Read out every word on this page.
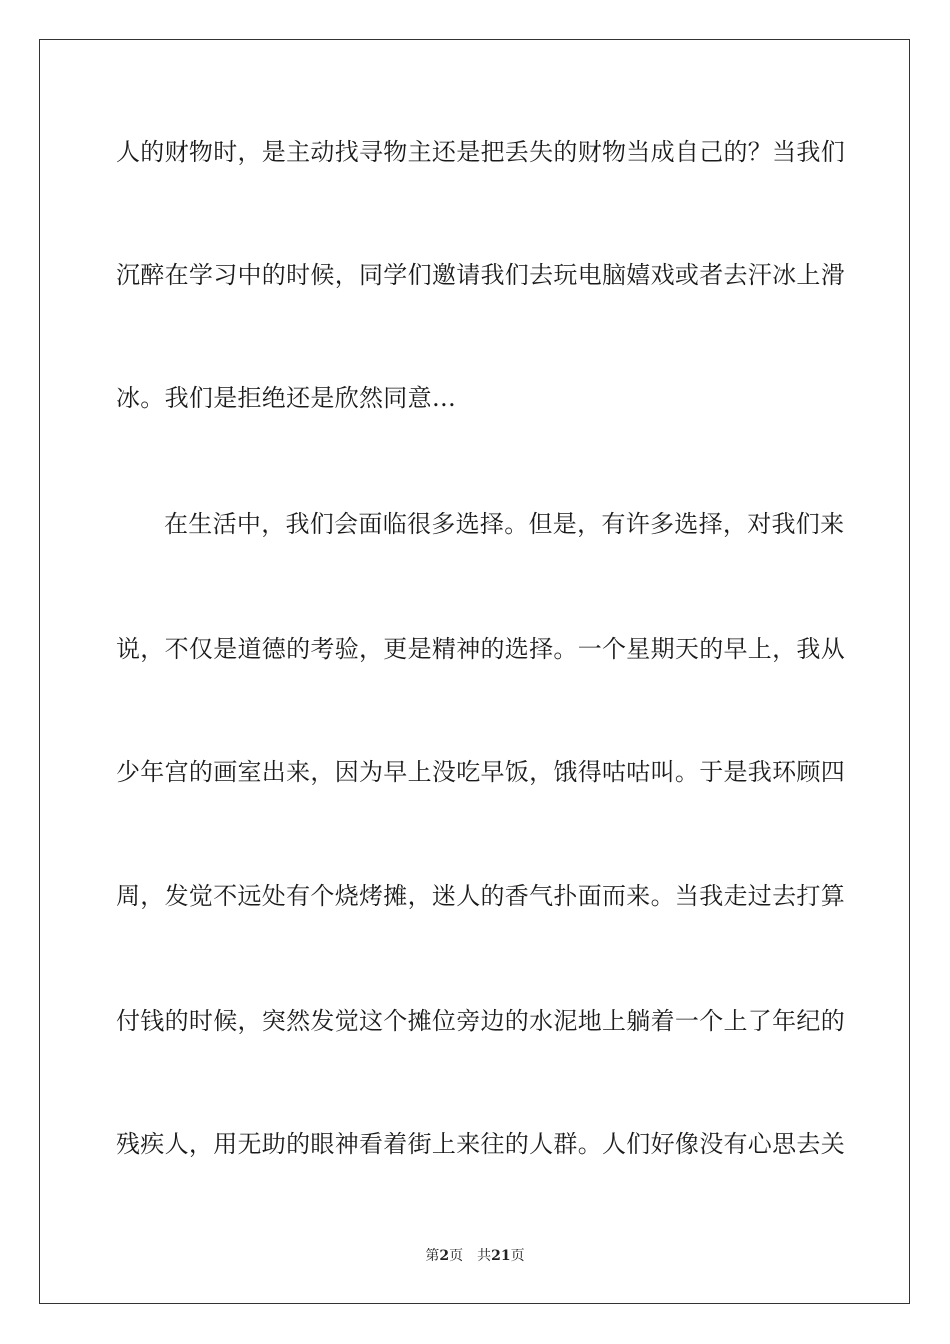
人的财物时，是主动找寻物主还是把丢失的财物当成自己的？当我们
沉醉在学习中的时候，同学们邀请我们去玩电脑嬉戏或者去汗冰上滑
冰。我们是拒绝还是欣然同意…
在生活中，我们会面临很多选择。但是，有许多选择，对我们来
说，不仅是道德的考验，更是精神的选择。一个星期天的早上，我从
少年宫的画室出来，因为早上没吃早饭，饿得咕咕叫。于是我环顾四
周，发觉不远处有个烧烤摊，迷人的香气扑面而来。当我走过去打算
付钱的时候，突然发觉这个摊位旁边的水泥地上躺着一个上了年纪的
残疾人，用无助的眼神看着街上来往的人群。人们好像没有心思去关
第2页 共21页
